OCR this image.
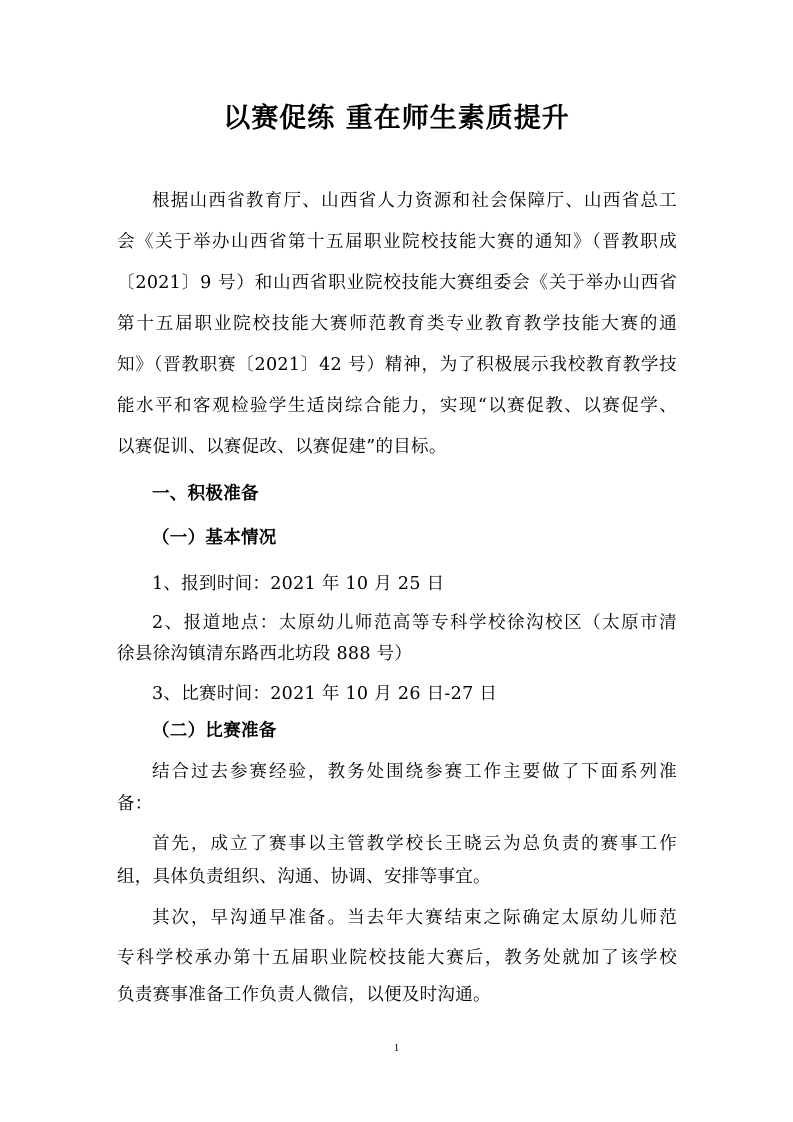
以赛促练 重在师生素质提升
根据山西省教育厅、山西省人力资源和社会保障厅、山西省总工
会《关于举办山西省第十五届职业院校技能大赛的通知》（晋教职成
〔2021〕9 号）和山西省职业院校技能大赛组委会《关于举办山西省
第十五届职业院校技能大赛师范教育类专业教育教学技能大赛的通
知》（晋教职赛〔2021〕42 号）精神，为了积极展示我校教育教学技
能水平和客观检验学生适岗综合能力，实现“以赛促教、以赛促学、
以赛促训、以赛促改、以赛促建”的目标。
一、积极准备
（一）基本情况
1、报到时间：2021 年 10 月 25 日
2、报道地点：太原幼儿师范高等专科学校徐沟校区（太原市清
徐县徐沟镇清东路西北坊段 888 号）
3、比赛时间：2021 年 10 月 26 日-27 日
（二）比赛准备
结合过去参赛经验，教务处围绕参赛工作主要做了下面系列准
备：
首先，成立了赛事以主管教学校长王晓云为总负责的赛事工作
组，具体负责组织、沟通、协调、安排等事宜。
其次，早沟通早准备。当去年大赛结束之际确定太原幼儿师范
专科学校承办第十五届职业院校技能大赛后，教务处就加了该学校
负责赛事准备工作负责人微信，以便及时沟通。
1
